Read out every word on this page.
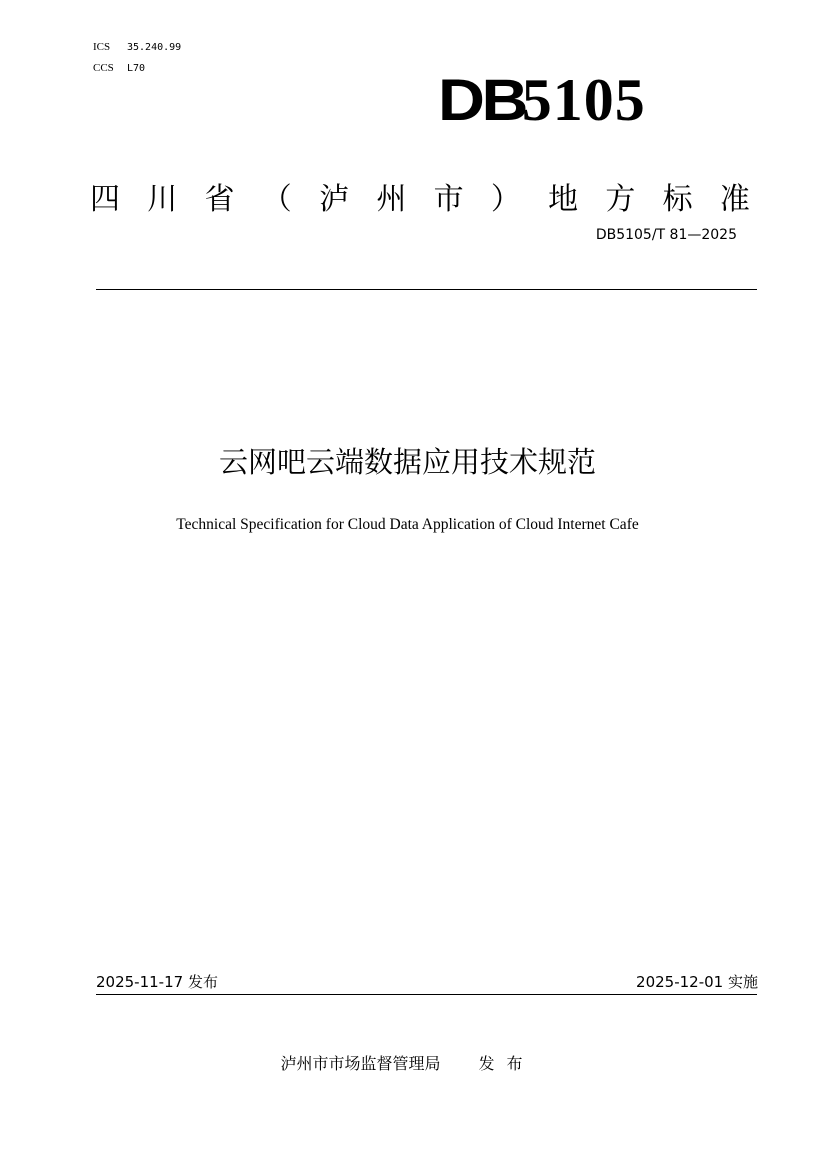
ICS 35.240.99
CCS L70	DB5105
四 川 省 （ 泸 州 市 ） 地 方 标 准
DB5105/T 81—2025
云网吧云端数据应用技术规范
Technical Specification for Cloud Data Application of Cloud Internet Cafe
2025-11-17 发布	2025-12-01 实施
泸州市市场监督管理局 发布
